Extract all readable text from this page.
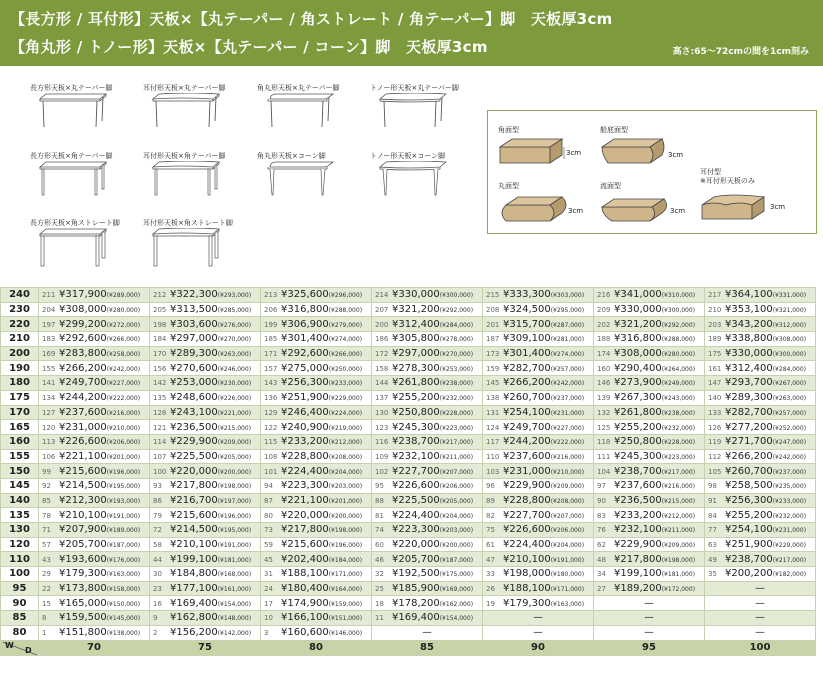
【長方形 / 耳付形】天板×【丸テーパー / 角ストレート / 角テーパー】脚　天板厚3cm
【角丸形 / トノー形】天板×【丸テーパー / コーン】脚　天板厚3cm	高さ:65〜72cmの間を1cm刻み
長方形天板×丸テーパー脚	耳付形天板×丸テーパー脚	角丸形天板×丸テーパー脚	トノー形天板×丸テーパー脚
長方形天板×角テーパー脚	耳付形天板×角テーパー脚	角丸形天板×コーン脚	トノー形天板×コーン脚
長方形天板×角ストレート脚	耳付形天板×角ストレート脚
角面型
3cm
船底面型
3cm
丸面型
3cm
流面型
3cm
耳付型
※耳付形天板のみ
3cm
240	211 ¥317,900(¥289,000)	212 ¥322,300(¥293,000)	213 ¥325,600(¥296,000)	214 ¥330,000(¥300,000)	215 ¥333,300(¥303,000)	216 ¥341,000(¥310,000)	217 ¥364,100(¥331,000)
230	204 ¥308,000(¥280,000)	205 ¥313,500(¥285,000)	206 ¥316,800(¥288,000)	207 ¥321,200(¥292,000)	208 ¥324,500(¥295,000)	209 ¥330,000(¥300,000)	210 ¥353,100(¥321,000)
220	197 ¥299,200(¥272,000)	198 ¥303,600(¥276,000)	199 ¥306,900(¥279,000)	200 ¥312,400(¥284,000)	201 ¥315,700(¥287,000)	202 ¥321,200(¥292,000)	203 ¥343,200(¥312,000)
210	183 ¥292,600(¥266,000)	184 ¥297,000(¥270,000)	185 ¥301,400(¥274,000)	186 ¥305,800(¥278,000)	187 ¥309,100(¥281,000)	188 ¥316,800(¥288,000)	189 ¥338,800(¥308,000)
200	169 ¥283,800(¥258,000)	170 ¥289,300(¥263,000)	171 ¥292,600(¥266,000)	172 ¥297,000(¥270,000)	173 ¥301,400(¥274,000)	174 ¥308,000(¥280,000)	175 ¥330,000(¥300,000)
190	155 ¥266,200(¥242,000)	156 ¥270,600(¥246,000)	157 ¥275,000(¥250,000)	158 ¥278,300(¥253,000)	159 ¥282,700(¥257,000)	160 ¥290,400(¥264,000)	161 ¥312,400(¥284,000)
180	141 ¥249,700(¥227,000)	142 ¥253,000(¥230,000)	143 ¥256,300(¥233,000)	144 ¥261,800(¥238,000)	145 ¥266,200(¥242,000)	146 ¥273,900(¥249,000)	147 ¥293,700(¥267,000)
175	134 ¥244,200(¥222,000)	135 ¥248,600(¥226,000)	136 ¥251,900(¥229,000)	137 ¥255,200(¥232,000)	138 ¥260,700(¥237,000)	139 ¥267,300(¥243,000)	140 ¥289,300(¥263,000)
170	127 ¥237,600(¥216,000)	128 ¥243,100(¥221,000)	129 ¥246,400(¥224,000)	130 ¥250,800(¥228,000)	131 ¥254,100(¥231,000)	132 ¥261,800(¥238,000)	133 ¥282,700(¥257,000)
165	120 ¥231,000(¥210,000)	121 ¥236,500(¥215,000)	122 ¥240,900(¥219,000)	123 ¥245,300(¥223,000)	124 ¥249,700(¥227,000)	125 ¥255,200(¥232,000)	126 ¥277,200(¥252,000)
160	113 ¥226,600(¥206,000)	114 ¥229,900(¥209,000)	115 ¥233,200(¥212,000)	116 ¥238,700(¥217,000)	117 ¥244,200(¥222,000)	118 ¥250,800(¥228,000)	119 ¥271,700(¥247,000)
155	106 ¥221,100(¥201,000)	107 ¥225,500(¥205,000)	108 ¥228,800(¥208,000)	109 ¥232,100(¥211,000)	110 ¥237,600(¥216,000)	111 ¥245,300(¥223,000)	112 ¥266,200(¥242,000)
150	99 ¥215,600(¥196,000)	100 ¥220,000(¥200,000)	101 ¥224,400(¥204,000)	102 ¥227,700(¥207,000)	103 ¥231,000(¥210,000)	104 ¥238,700(¥217,000)	105 ¥260,700(¥237,000)
145	92 ¥214,500(¥195,000)	93 ¥217,800(¥198,000)	94 ¥223,300(¥203,000)	95 ¥226,600(¥206,000)	96 ¥229,900(¥209,000)	97 ¥237,600(¥216,000)	98 ¥258,500(¥235,000)
140	85 ¥212,300(¥193,000)	86 ¥216,700(¥197,000)	87 ¥221,100(¥201,000)	88 ¥225,500(¥205,000)	89 ¥228,800(¥208,000)	90 ¥236,500(¥215,000)	91 ¥256,300(¥233,000)
135	78 ¥210,100(¥191,000)	79 ¥215,600(¥196,000)	80 ¥220,000(¥200,000)	81 ¥224,400(¥204,000)	82 ¥227,700(¥207,000)	83 ¥233,200(¥212,000)	84 ¥255,200(¥232,000)
130	71 ¥207,900(¥189,000)	72 ¥214,500(¥195,000)	73 ¥217,800(¥198,000)	74 ¥223,300(¥203,000)	75 ¥226,600(¥206,000)	76 ¥232,100(¥211,000)	77 ¥254,100(¥231,000)
120	57 ¥205,700(¥187,000)	58 ¥210,100(¥191,000)	59 ¥215,600(¥196,000)	60 ¥220,000(¥200,000)	61 ¥224,400(¥204,000)	62 ¥229,900(¥209,000)	63 ¥251,900(¥229,000)
110	43 ¥193,600(¥176,000)	44 ¥199,100(¥181,000)	45 ¥202,400(¥184,000)	46 ¥205,700(¥187,000)	47 ¥210,100(¥191,000)	48 ¥217,800(¥198,000)	49 ¥238,700(¥217,000)
100	29 ¥179,300(¥163,000)	30 ¥184,800(¥168,000)	31 ¥188,100(¥171,000)	32 ¥192,500(¥175,000)	33 ¥198,000(¥180,000)	34 ¥199,100(¥181,000)	35 ¥200,200(¥182,000)
95	22 ¥173,800(¥158,000)	23 ¥177,100(¥161,000)	24 ¥180,400(¥164,000)	25 ¥185,900(¥169,000)	26 ¥188,100(¥171,000)	27 ¥189,200(¥172,000)	—
90	15 ¥165,000(¥150,000)	16 ¥169,400(¥154,000)	17 ¥174,900(¥159,000)	18 ¥178,200(¥162,000)	19 ¥179,300(¥163,000)	—	—
85	8 ¥159,500(¥145,000)	9 ¥162,800(¥148,000)	10 ¥166,100(¥151,000)	11 ¥169,400(¥154,000)	—	—	—
80	1 ¥151,800(¥138,000)	2 ¥156,200(¥142,000)	3 ¥160,600(¥146,000)	—	—	—	—

W
D	70	75	80	85	90	95	100
